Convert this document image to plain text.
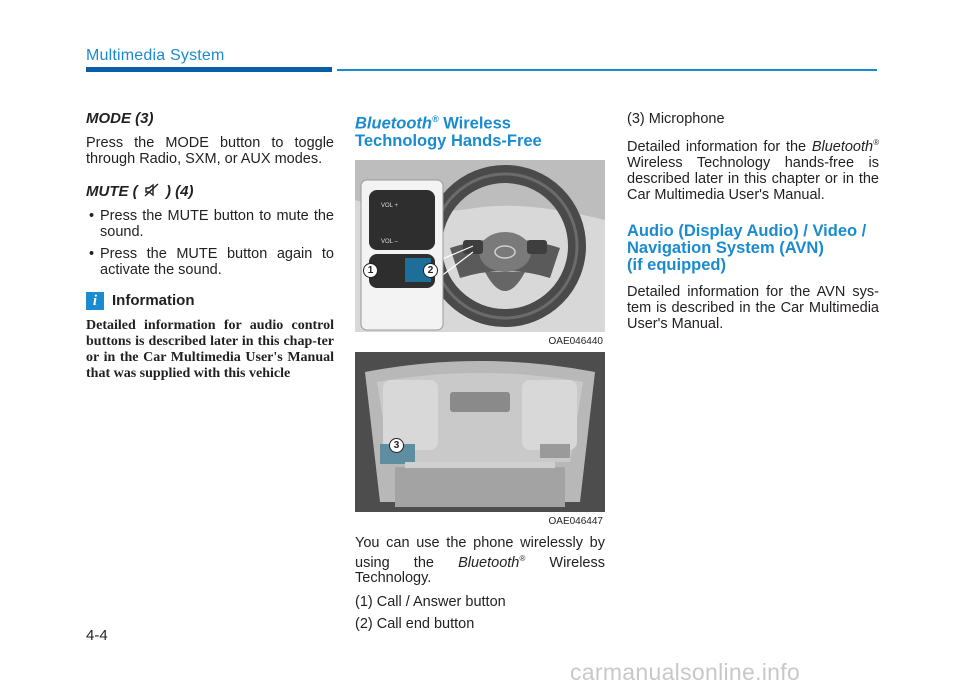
Multimedia System
MODE (3)

Press the MODE button to toggle through Radio, SXM, or AUX modes.

MUTE ( ) (4)
• Press the MUTE button to mute the sound.
• Press the MUTE button again to activate the sound.
i Information
Detailed information for audio control buttons is described later in this chap-ter or in the Car Multimedia User's Manual that was supplied with this vehicle
Bluetooth® Wireless
Technology Hands-Free
VOL +
VOL –
1	2
OAE046440
3
OAE046447

You can use the phone wirelessly by using the Bluetooth® Wireless Technology.

(1) Call / Answer button

(2) Call end button

(3) Microphone

Detailed information for the Bluetooth® Wireless Technology hands-free is described later in this chapter or in the Car Multimedia User's Manual.

Audio (Display Audio) / Video /
Navigation System (AVN)
(if equipped)

Detailed information for the AVN sys-tem is described in the Car Multimedia User's Manual.

4-4
carmanualsonline.info
